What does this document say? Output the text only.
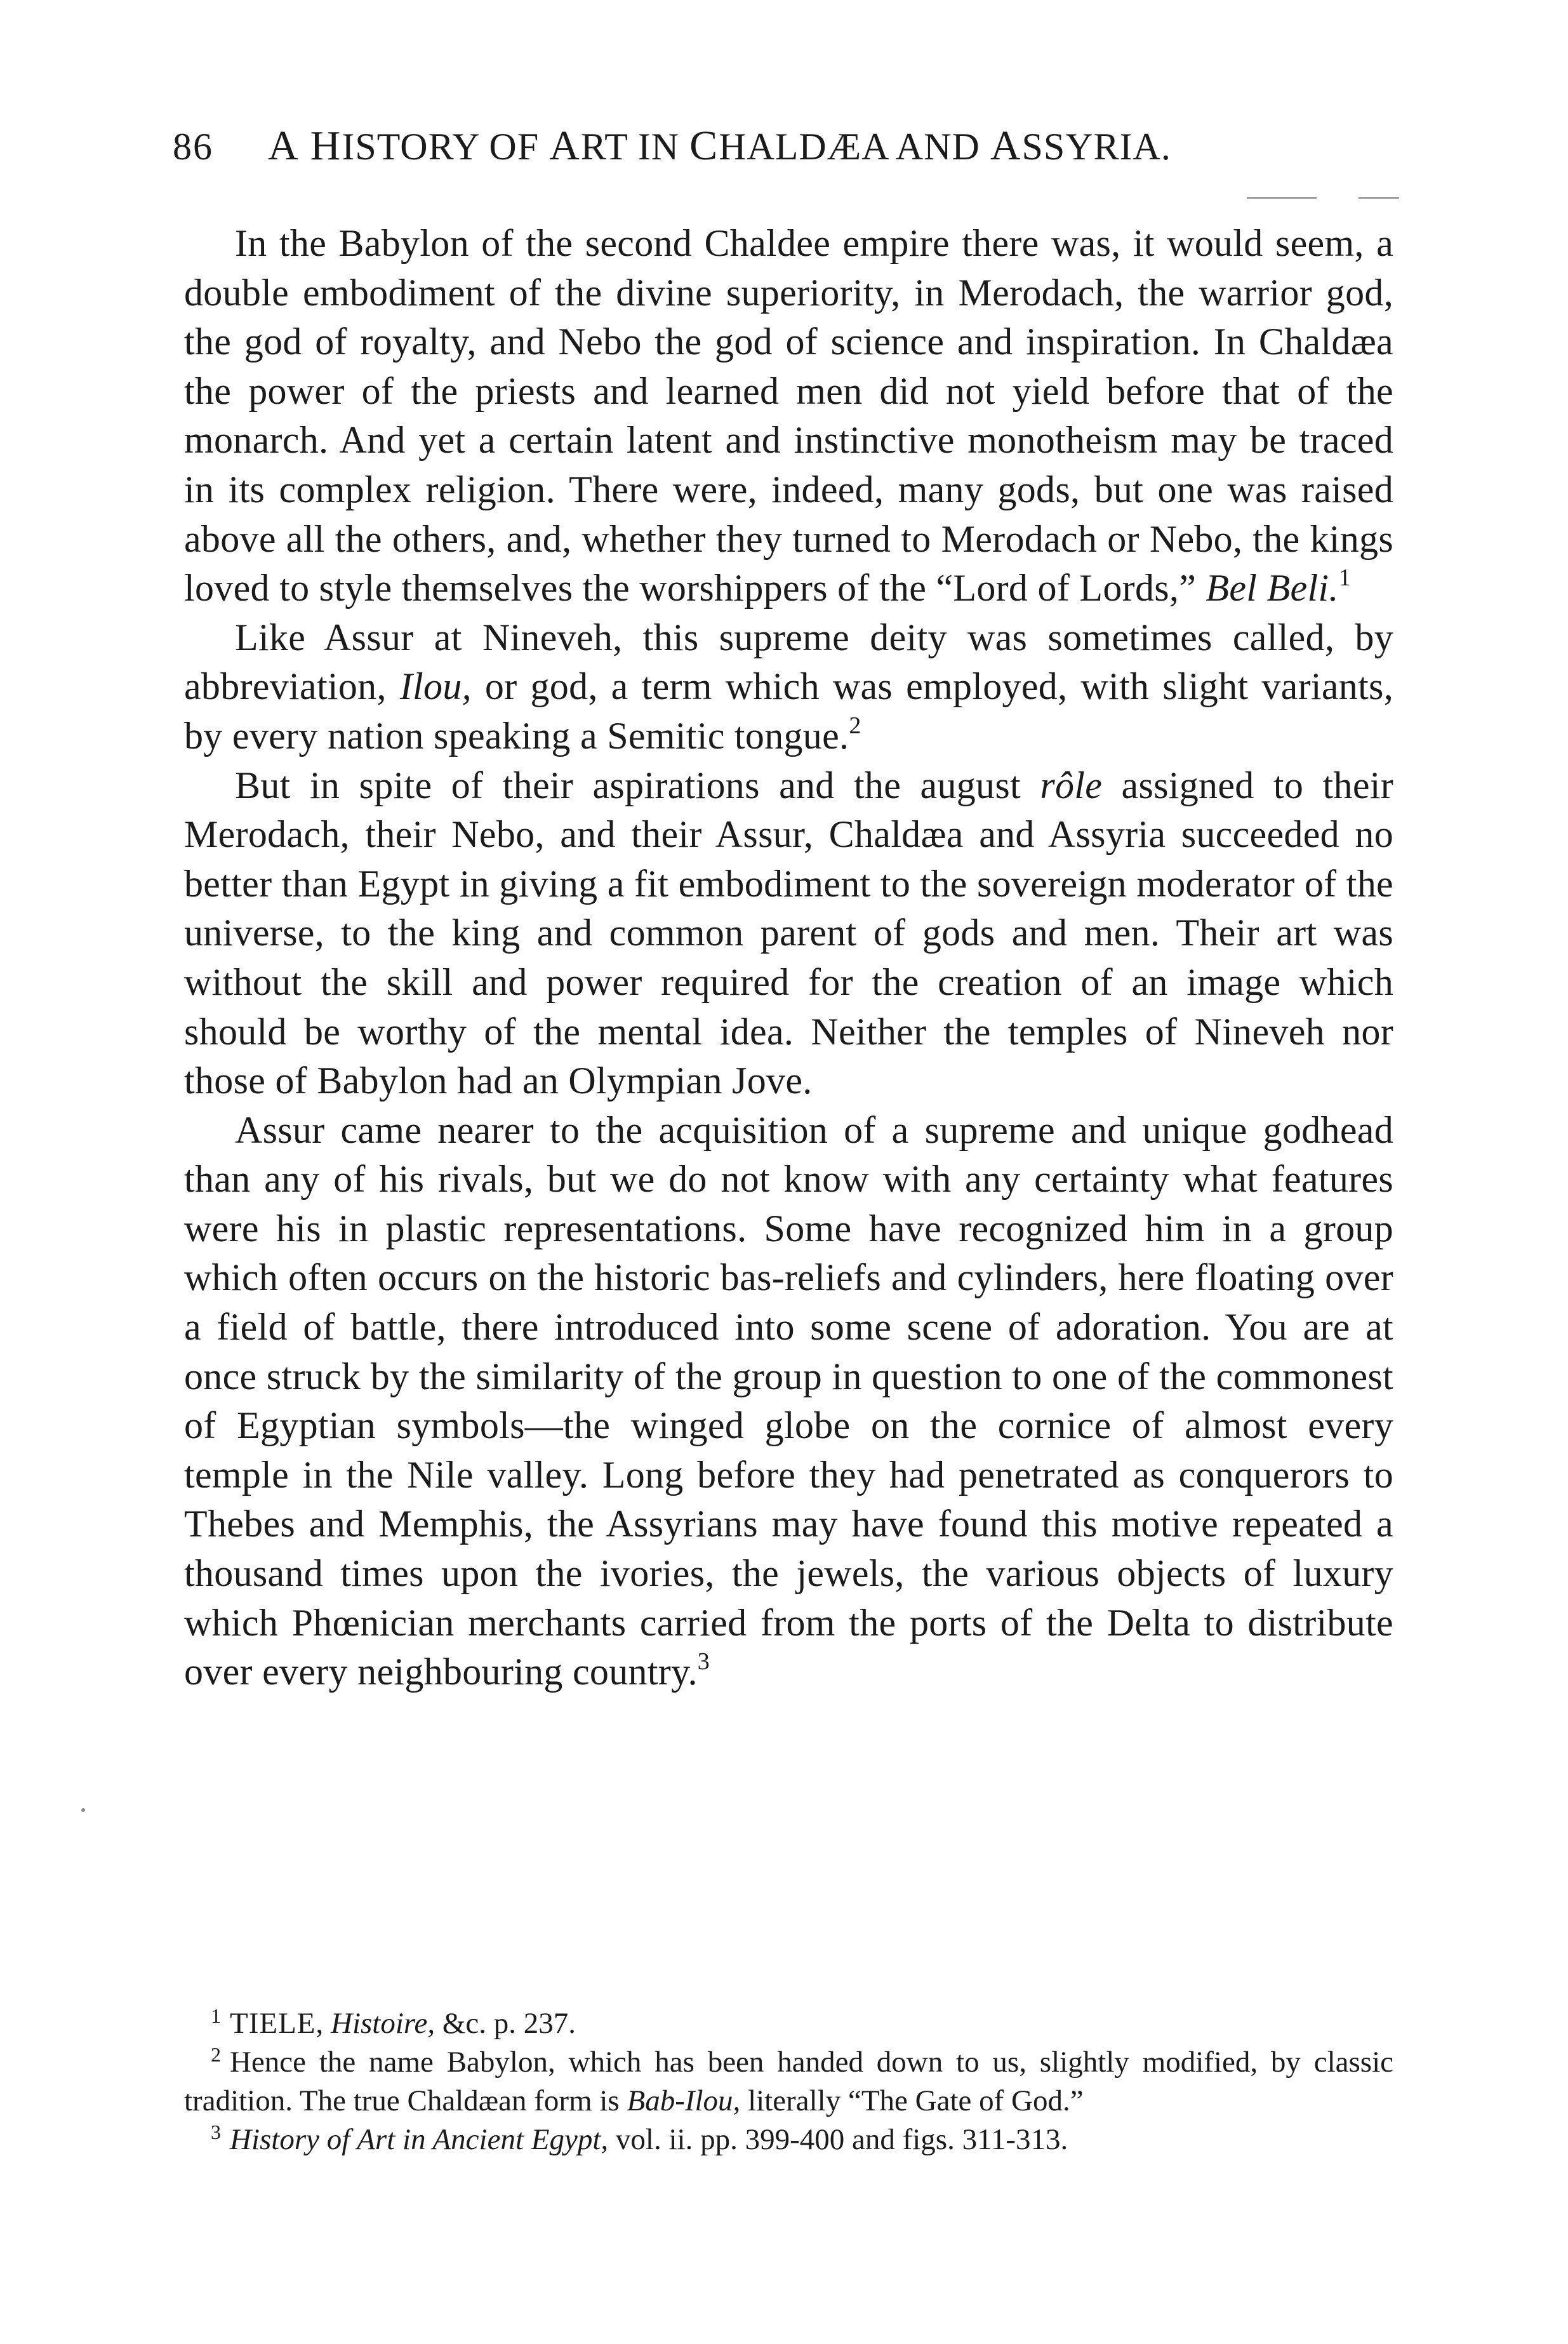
86 A HISTORY OF ART IN CHALDÆA AND ASSYRIA.

In the Babylon of the second Chaldee empire there was, it would seem, a double embodiment of the divine superiority, in Merodach, the warrior god, the god of royalty, and Nebo the god of science and inspiration. In Chaldæa the power of the priests and learned men did not yield before that of the monarch. And yet a certain latent and instinctive monotheism may be traced in its complex religion. There were, indeed, many gods, but one was raised above all the others, and, whether they turned to Merodach or Nebo, the kings loved to style themselves the worshippers of the “Lord of Lords,” Bel Beli.$^1$

Like Assur at Nineveh, this supreme deity was sometimes called, by abbreviation, Ilou, or god, a term which was employed, with slight variants, by every nation speaking a Semitic tongue.$^2$

But in spite of their aspirations and the august rôle assigned to their Merodach, their Nebo, and their Assur, Chaldæa and Assyria succeeded no better than Egypt in giving a fit embodiment to the sovereign moderator of the universe, to the king and common parent of gods and men. Their art was without the skill and power required for the creation of an image which should be worthy of the mental idea. Neither the temples of Nineveh nor those of Babylon had an Olympian Jove.

Assur came nearer to the acquisition of a supreme and unique godhead than any of his rivals, but we do not know with any certainty what features were his in plastic representations. Some have recognized him in a group which often occurs on the historic bas-reliefs and cylinders, here floating over a field of battle, there introduced into some scene of adoration. You are at once struck by the similarity of the group in question to one of the commonest of Egyptian symbols—the winged globe on the cornice of almost every temple in the Nile valley. Long before they had penetrated as conquerors to Thebes and Memphis, the Assyrians may have found this motive repeated a thousand times upon the ivories, the jewels, the various objects of luxury which Phœnician merchants carried from the ports of the Delta to distribute over every neighbouring country.$^3$

$^1$ TIELE, Histoire, &c. p. 237.

$^2$ Hence the name Babylon, which has been handed down to us, slightly modified, by classic tradition. The true Chaldæan form is Bab-Ilou, literally “The Gate of God.”

$^3$ History of Art in Ancient Egypt, vol. ii. pp. 399-400 and figs. 311-313.
